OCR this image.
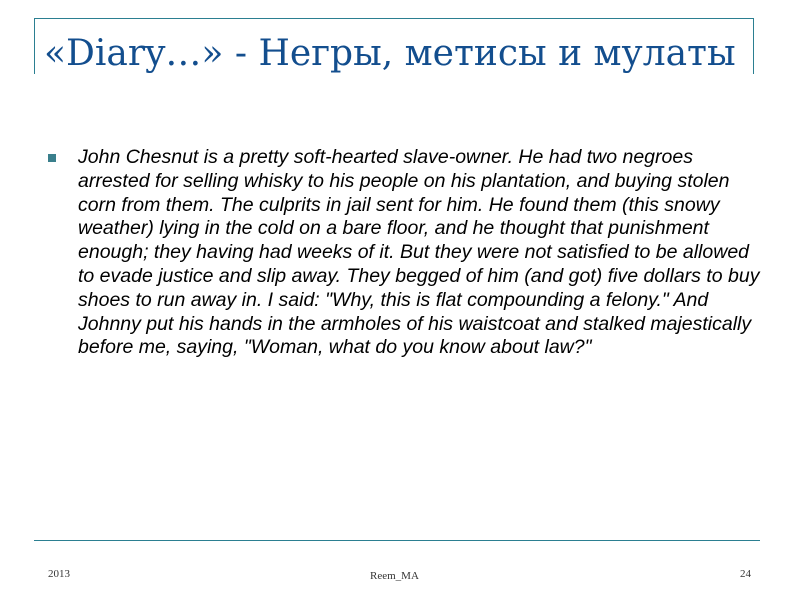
«Diary…» - Негры, метисы и мулаты
John Chesnut is a pretty soft-hearted slave-owner. He had two negroes arrested for selling whisky to his people on his plantation, and buying stolen corn from them. The culprits in jail sent for him. He found them (this snowy weather) lying in the cold on a bare floor, and he thought that punishment enough; they having had weeks of it. But they were not satisfied to be allowed to evade justice and slip away. They begged of him (and got) five dollars to buy shoes to run away in. I said: "Why, this is flat compounding a felony." And Johnny put his hands in the armholes of his waistcoat and stalked majestically before me, saying, "Woman, what do you know about law?"
2013	Reem_MA	24
